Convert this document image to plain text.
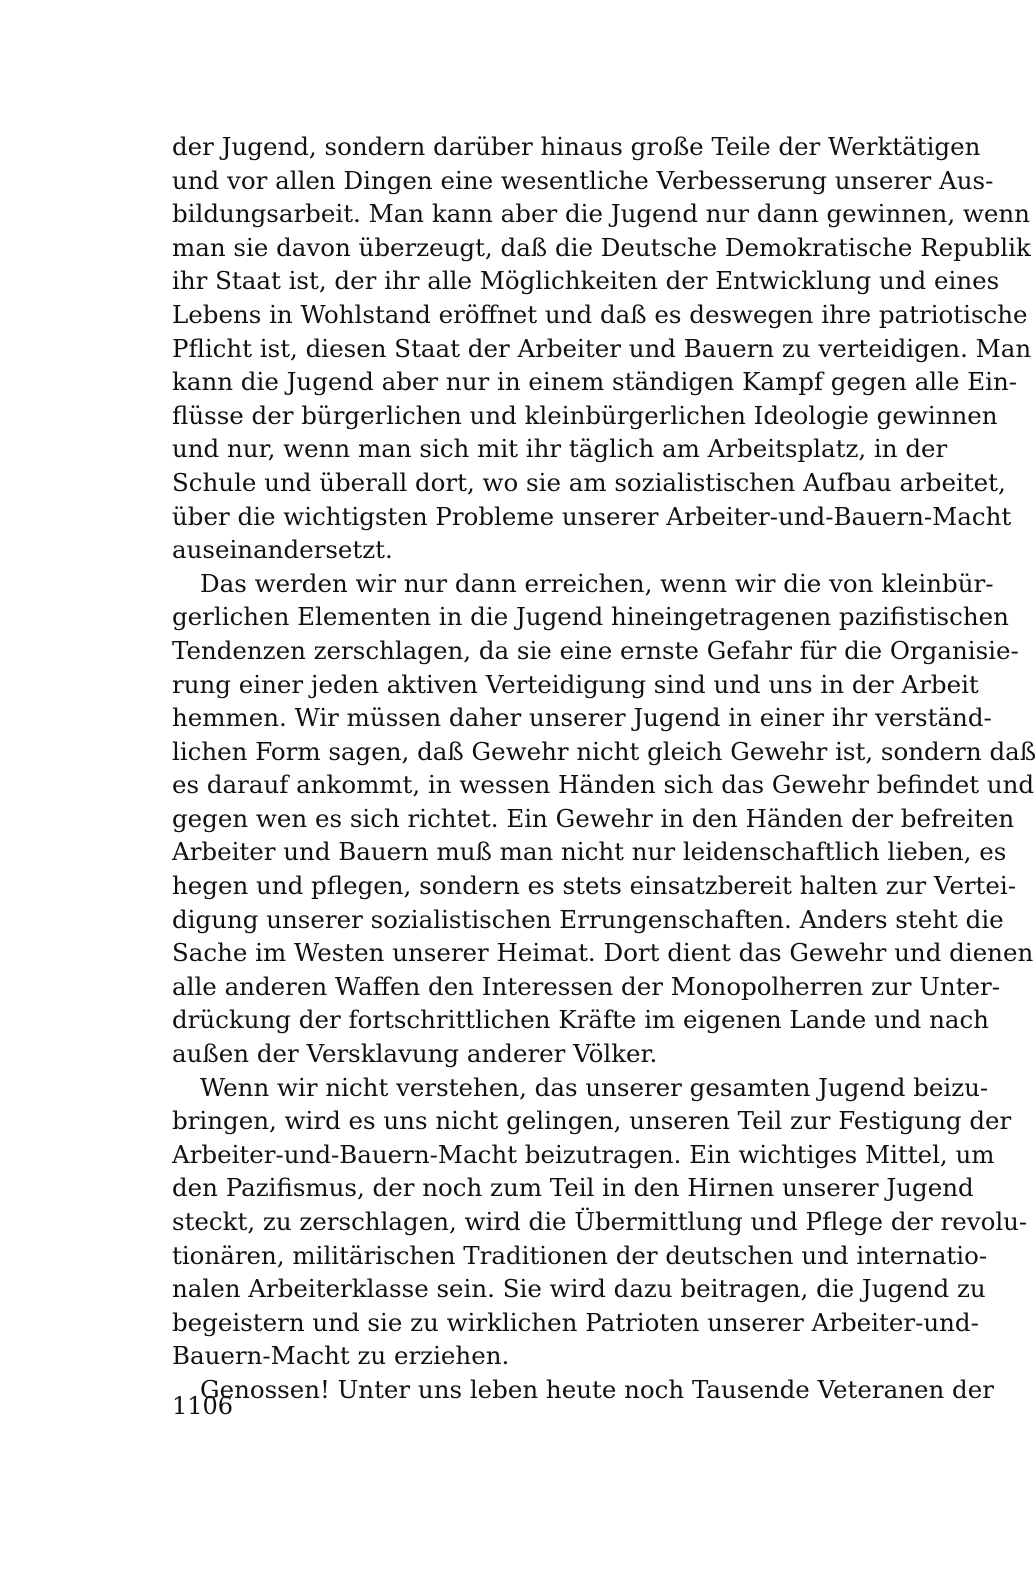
der Jugend, sondern darüber hinaus große Teile der Werktätigen
und vor allen Dingen eine wesentliche Verbesserung unserer Aus-
bildungsarbeit. Man kann aber die Jugend nur dann gewinnen, wenn
man sie davon überzeugt, daß die Deutsche Demokratische Republik
ihr Staat ist, der ihr alle Möglichkeiten der Entwicklung und eines
Lebens in Wohlstand eröffnet und daß es deswegen ihre patriotische
Pflicht ist, diesen Staat der Arbeiter und Bauern zu verteidigen. Man
kann die Jugend aber nur in einem ständigen Kampf gegen alle Ein-
flüsse der bürgerlichen und kleinbürgerlichen Ideologie gewinnen
und nur, wenn man sich mit ihr täglich am Arbeitsplatz, in der
Schule und überall dort, wo sie am sozialistischen Aufbau arbeitet,
über die wichtigsten Probleme unserer Arbeiter-und-Bauern-Macht
auseinandersetzt.
Das werden wir nur dann erreichen, wenn wir die von kleinbür-
gerlichen Elementen in die Jugend hineingetragenen pazifistischen
Tendenzen zerschlagen, da sie eine ernste Gefahr für die Organisie-
rung einer jeden aktiven Verteidigung sind und uns in der Arbeit
hemmen. Wir müssen daher unserer Jugend in einer ihr verständ-
lichen Form sagen, daß Gewehr nicht gleich Gewehr ist, sondern daß
es darauf ankommt, in wessen Händen sich das Gewehr befindet und
gegen wen es sich richtet. Ein Gewehr in den Händen der befreiten
Arbeiter und Bauern muß man nicht nur leidenschaftlich lieben, es
hegen und pflegen, sondern es stets einsatzbereit halten zur Vertei-
digung unserer sozialistischen Errungenschaften. Anders steht die
Sache im Westen unserer Heimat. Dort dient das Gewehr und dienen
alle anderen Waffen den Interessen der Monopolherren zur Unter-
drückung der fortschrittlichen Kräfte im eigenen Lande und nach
außen der Versklavung anderer Völker.
Wenn wir nicht verstehen, das unserer gesamten Jugend beizu-
bringen, wird es uns nicht gelingen, unseren Teil zur Festigung der
Arbeiter-und-Bauern-Macht beizutragen. Ein wichtiges Mittel, um
den Pazifismus, der noch zum Teil in den Hirnen unserer Jugend
steckt, zu zerschlagen, wird die Übermittlung und Pflege der revolu-
tionären, militärischen Traditionen der deutschen und internatio-
nalen Arbeiterklasse sein. Sie wird dazu beitragen, die Jugend zu
begeistern und sie zu wirklichen Patrioten unserer Arbeiter-und-
Bauern-Macht zu erziehen.
Genossen! Unter uns leben heute noch Tausende Veteranen der
1106
